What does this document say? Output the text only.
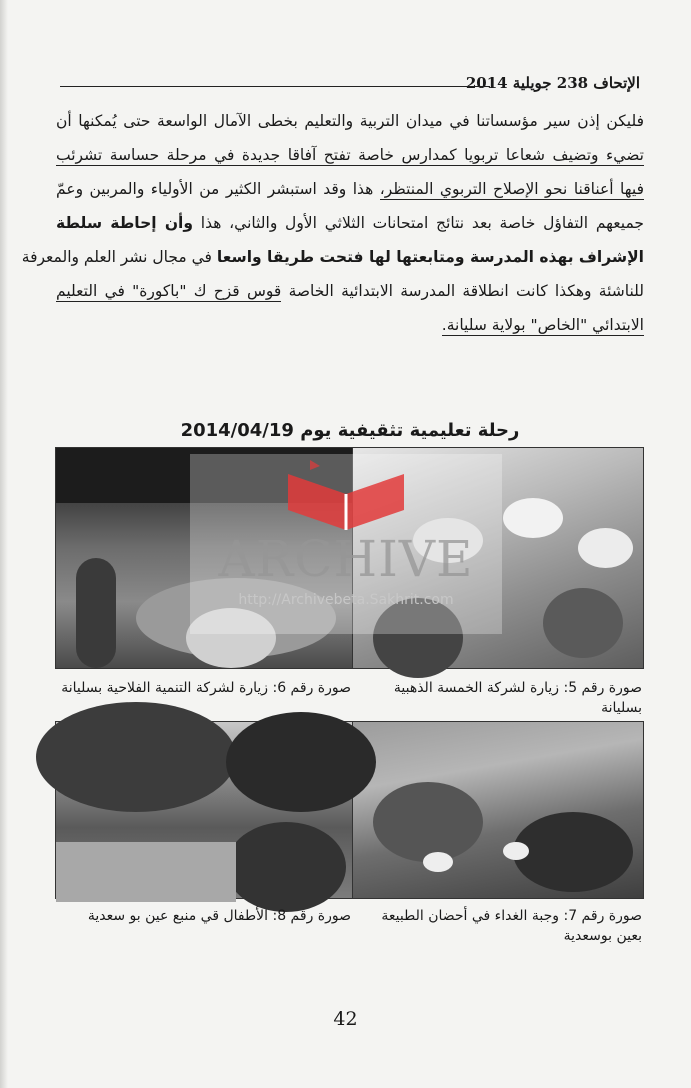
الإتحاف 238 جويلية 2014
فليكن إذن سير مؤسساتنا في ميدان التربية والتعليم بخطى الآمال الواسعة حتى يُمكنها أن
تضيء وتضيف شعاعا تربويا كمدارس خاصة تفتح آفاقا جديدة في مرحلة حساسة تشرئب
فيها أعناقنا نحو الإصلاح التربوي المنتظر، هذا وقد استبشر الكثير من الأولياء والمربين وعمّ
جميعهم التفاؤل خاصة بعد نتائج امتحانات الثلاثي الأول والثاني، هذا وأن إحاطة سلطة
الإشراف بهذه المدرسة ومتابعتها لها فتحت طريقا واسعا في مجال نشر العلم والمعرفة
للناشئة وهكذا كانت انطلاقة المدرسة الابتدائية الخاصة قوس قزح ك "باكورة" في التعليم
الابتدائي "الخاص" بولاية سليانة.
رحلة تعليمية تثقيفية يوم 2014/04/19
ARCHIVE
http://Archivebeta.Sakhrit.com
صورة رقم 5: زيارة لشركة الخمسة الذهبية بسليانة
صورة رقم 6: زيارة لشركة التنمية الفلاحية بسليانة
صورة رقم 7: وجبة الغداء في أحضان الطبيعة بعين بوسعدية
صورة رقم 8: الأطفال قي منبع عين بو سعدية
42
